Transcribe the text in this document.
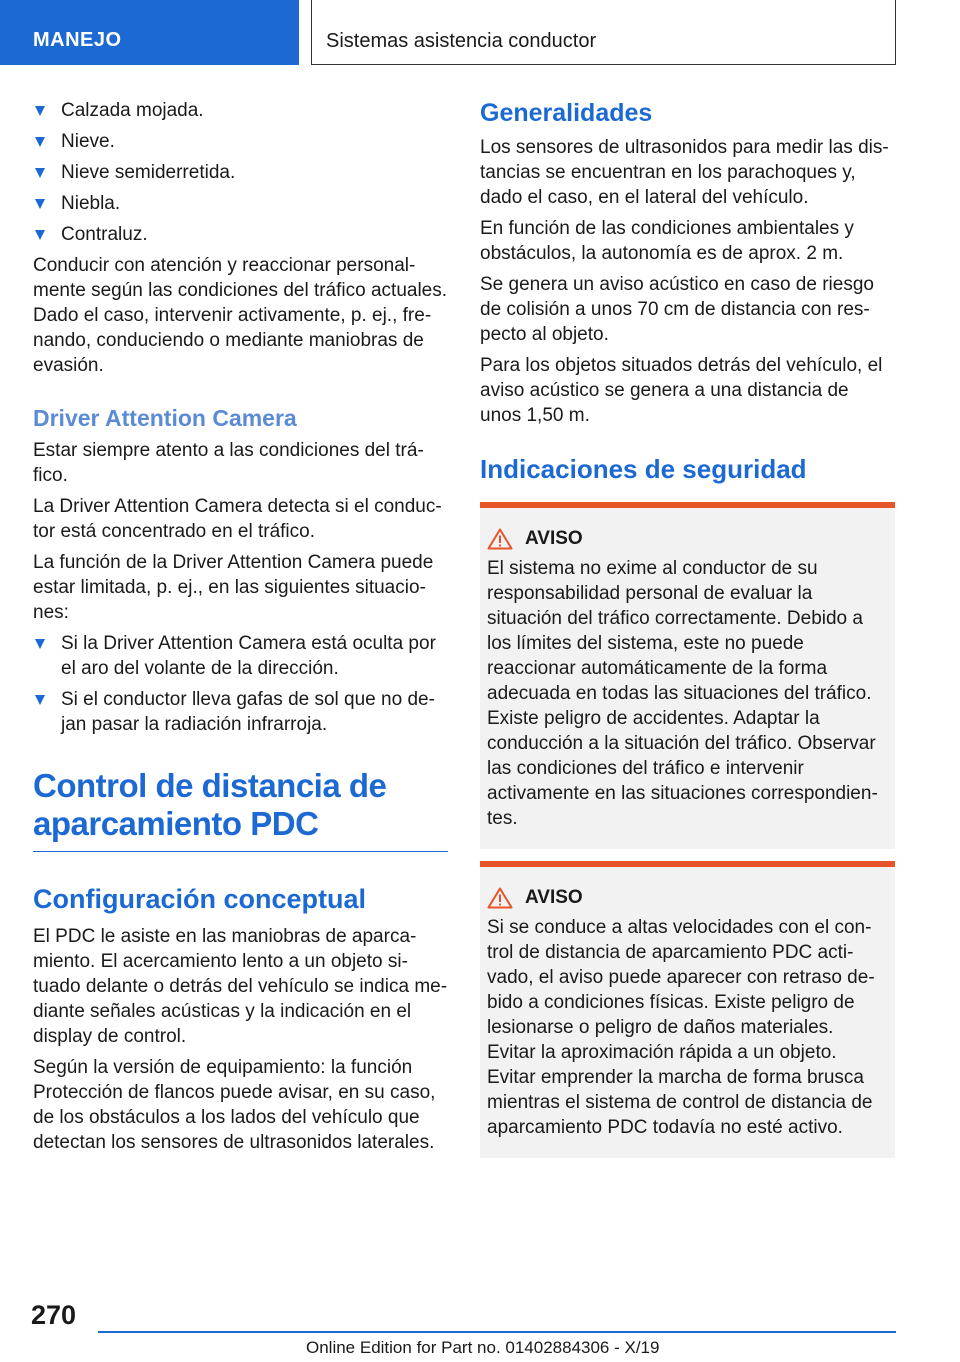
MANEJO	Sistemas asistencia conductor
Calzada mojada.
Nieve.
Nieve semiderretida.
Niebla.
Contraluz.

Conducir con atención y reaccionar personalmente según las condiciones del tráfico actuales. Dado el caso, intervenir activamente, p. ej., frenando, conduciendo o mediante maniobras de evasión.

Driver Attention Camera

Estar siempre atento a las condiciones del tráfico.

La Driver Attention Camera detecta si el conductor está concentrado en el tráfico.

La función de la Driver Attention Camera puede estar limitada, p. ej., en las siguientes situaciones:

Si la Driver Attention Camera está oculta por el aro del volante de la dirección.
Si el conductor lleva gafas de sol que no dejan pasar la radiación infrarroja.
Control de distancia de aparcamiento PDC
Configuración conceptual

El PDC le asiste en las maniobras de aparcamiento. El acercamiento lento a un objeto situado delante o detrás del vehículo se indica mediante señales acústicas y la indicación en el display de control.

Según la versión de equipamiento: la función Protección de flancos puede avisar, en su caso, de los obstáculos a los lados del vehículo que detectan los sensores de ultrasonidos laterales.

Generalidades

Los sensores de ultrasonidos para medir las distancias se encuentran en los parachoques y, dado el caso, en el lateral del vehículo.

En función de las condiciones ambientales y obstáculos, la autonomía es de aprox. 2 m.

Se genera un aviso acústico en caso de riesgo de colisión a unos 70 cm de distancia con respecto al objeto.

Para los objetos situados detrás del vehículo, el aviso acústico se genera a una distancia de unos 1,50 m.

Indicaciones de seguridad
AVISO

El sistema no exime al conductor de su responsabilidad personal de evaluar la situación del tráfico correctamente. Debido a los límites del sistema, este no puede reaccionar automáticamente de la forma adecuada en todas las situaciones del tráfico. Existe peligro de accidentes. Adaptar la conducción a la situación del tráfico. Observar las condiciones del tráfico e intervenir activamente en las situaciones correspondientes.

AVISO

Si se conduce a altas velocidades con el control de distancia de aparcamiento PDC activado, el aviso puede aparecer con retraso debido a condiciones físicas. Existe peligro de lesionarse o peligro de daños materiales. Evitar la aproximación rápida a un objeto. Evitar emprender la marcha de forma brusca mientras el sistema de control de distancia de aparcamiento PDC todavía no esté activo.

270
Online Edition for Part no. 01402884306 - X/19
